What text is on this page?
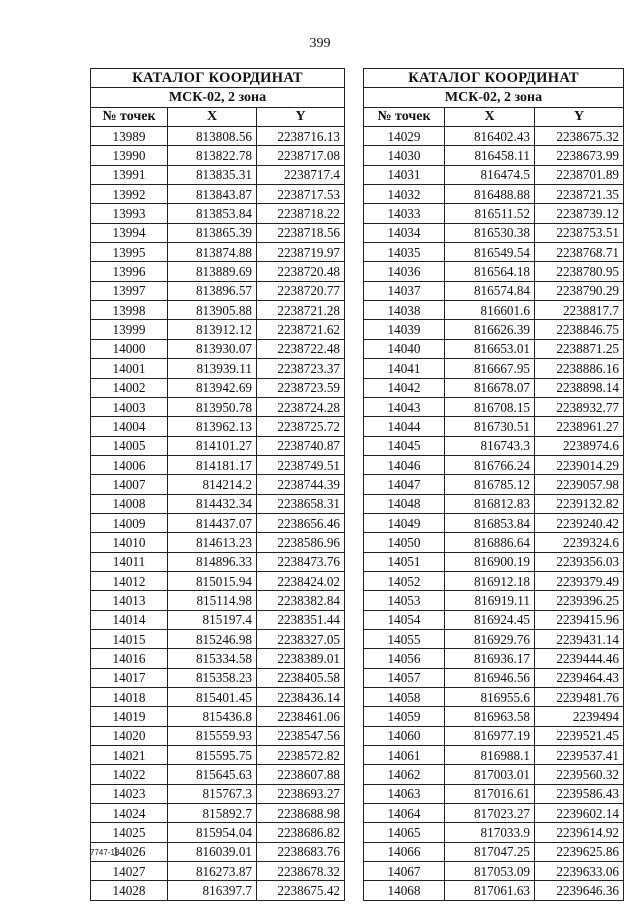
399
КАТАЛОГ КООРДИНАТ		
МСК-02, 2 зона		
№ точек	X	Y
13989	813808.56	2238716.13
13990	813822.78	2238717.08
13991	813835.31	2238717.4
13992	813843.87	2238717.53
13993	813853.84	2238718.22
13994	813865.39	2238718.56
13995	813874.88	2238719.97
13996	813889.69	2238720.48
13997	813896.57	2238720.77
13998	813905.88	2238721.28
13999	813912.12	2238721.62
14000	813930.07	2238722.48
14001	813939.11	2238723.37
14002	813942.69	2238723.59
14003	813950.78	2238724.28
14004	813962.13	2238725.72
14005	814101.27	2238740.87
14006	814181.17	2238749.51
14007	814214.2	2238744.39
14008	814432.34	2238658.31
14009	814437.07	2238656.46
14010	814613.23	2238586.96
14011	814896.33	2238473.76
14012	815015.94	2238424.02
14013	815114.98	2238382.84
14014	815197.4	2238351.44
14015	815246.98	2238327.05
14016	815334.58	2238389.01
14017	815358.23	2238405.58
14018	815401.45	2238436.14
14019	815436.8	2238461.06
14020	815559.93	2238547.56
14021	815595.75	2238572.82
14022	815645.63	2238607.88
14023	815767.3	2238693.27
14024	815892.7	2238688.98
14025	815954.04	2238686.82
14026	816039.01	2238683.76
14027	816273.87	2238678.32
14028	816397.7	2238675.42
КАТАЛОГ КООРДИНАТ		
МСК-02, 2 зона		
№ точек	X	Y
14029	816402.43	2238675.32
14030	816458.11	2238673.99
14031	816474.5	2238701.89
14032	816488.88	2238721.35
14033	816511.52	2238739.12
14034	816530.38	2238753.51
14035	816549.54	2238768.71
14036	816564.18	2238780.95
14037	816574.84	2238790.29
14038	816601.6	2238817.7
14039	816626.39	2238846.75
14040	816653.01	2238871.25
14041	816667.95	2238886.16
14042	816678.07	2238898.14
14043	816708.15	2238932.77
14044	816730.51	2238961.27
14045	816743.3	2238974.6
14046	816766.24	2239014.29
14047	816785.12	2239057.98
14048	816812.83	2239132.82
14049	816853.84	2239240.42
14050	816886.64	2239324.6
14051	816900.19	2239356.03
14052	816912.18	2239379.49
14053	816919.11	2239396.25
14054	816924.45	2239415.96
14055	816929.76	2239431.14
14056	816936.17	2239444.46
14057	816946.56	2239464.43
14058	816955.6	2239481.76
14059	816963.58	2239494
14060	816977.19	2239521.45
14061	816988.1	2239537.41
14062	817003.01	2239560.32
14063	817016.61	2239586.43
14064	817023.27	2239602.14
14065	817033.9	2239614.92
14066	817047.25	2239625.86
14067	817053.09	2239633.06
14068	817061.63	2239646.36
7747-18
